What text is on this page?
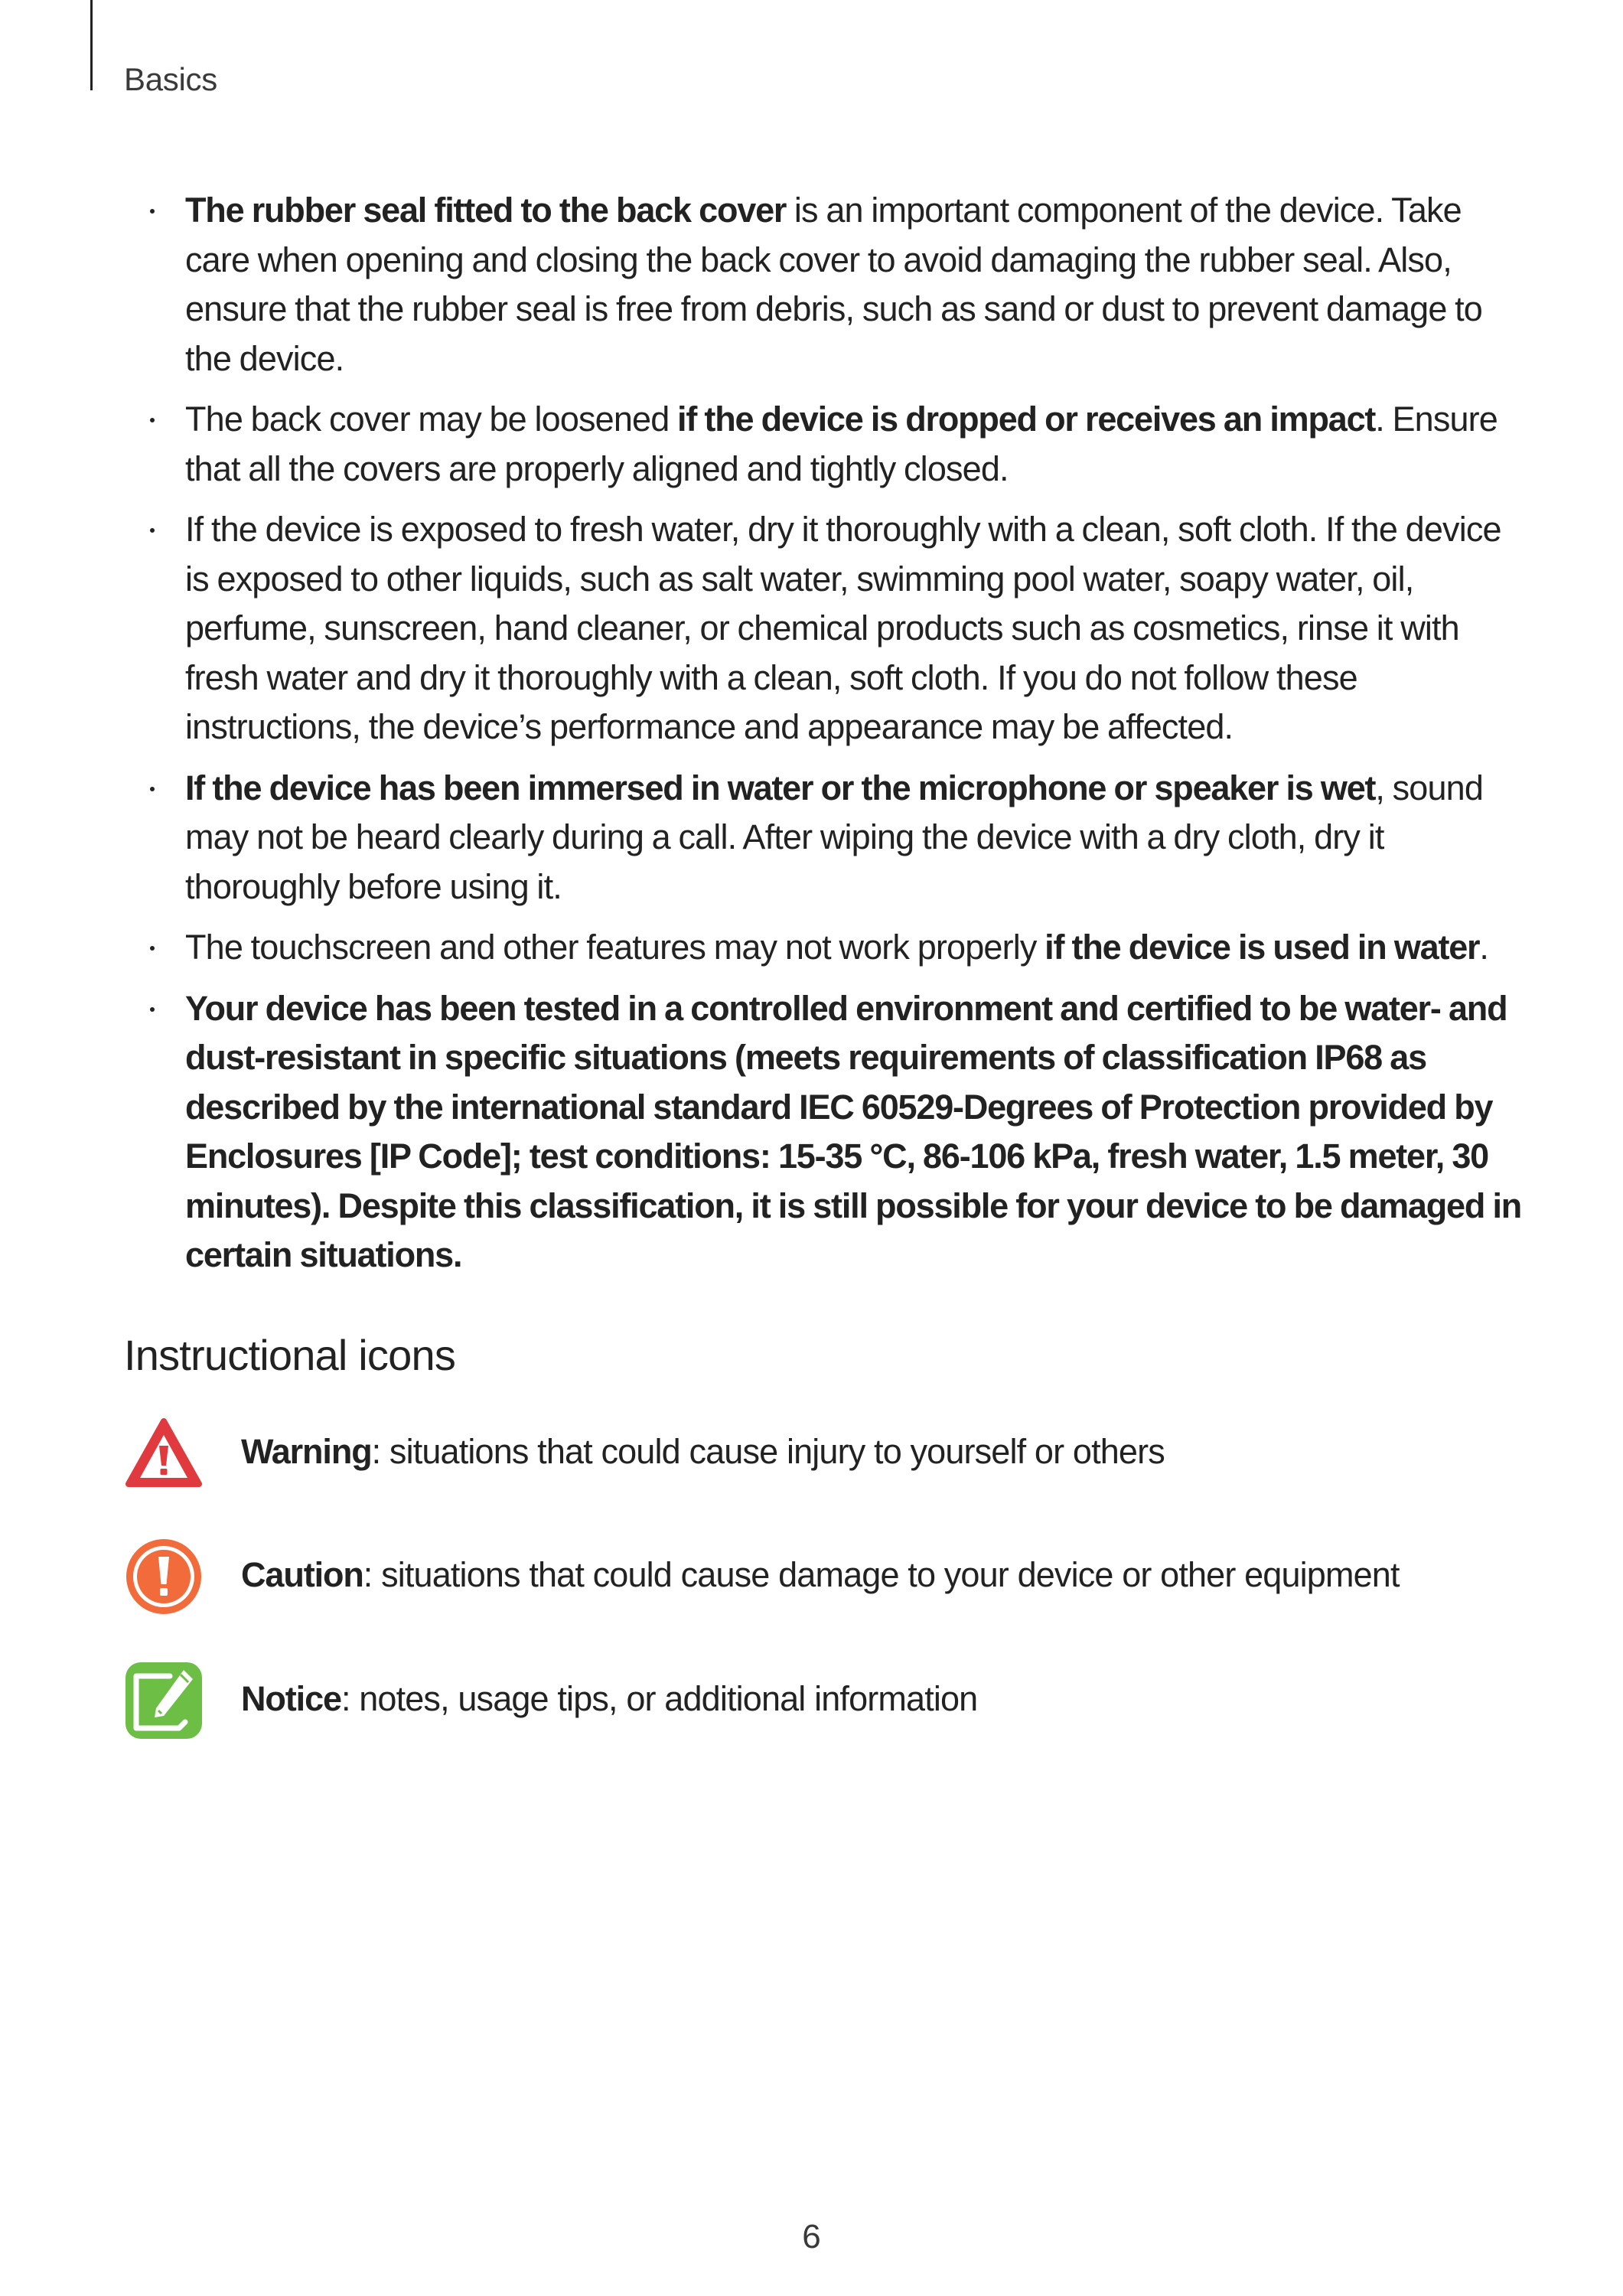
Basics
The rubber seal fitted to the back cover is an important component of the device. Take care when opening and closing the back cover to avoid damaging the rubber seal. Also, ensure that the rubber seal is free from debris, such as sand or dust to prevent damage to the device.
The back cover may be loosened if the device is dropped or receives an impact. Ensure that all the covers are properly aligned and tightly closed.
If the device is exposed to fresh water, dry it thoroughly with a clean, soft cloth. If the device is exposed to other liquids, such as salt water, swimming pool water, soapy water, oil, perfume, sunscreen, hand cleaner, or chemical products such as cosmetics, rinse it with fresh water and dry it thoroughly with a clean, soft cloth. If you do not follow these instructions, the device’s performance and appearance may be affected.
If the device has been immersed in water or the microphone or speaker is wet, sound may not be heard clearly during a call. After wiping the device with a dry cloth, dry it thoroughly before using it.
The touchscreen and other features may not work properly if the device is used in water.
Your device has been tested in a controlled environment and certified to be water- and dust-resistant in specific situations (meets requirements of classification IP68 as described by the international standard IEC 60529-Degrees of Protection provided by Enclosures [IP Code]; test conditions: 15-35 °C, 86-106 kPa, fresh water, 1.5 meter, 30 minutes). Despite this classification, it is still possible for your device to be damaged in certain situations.
Instructional icons
Warning: situations that could cause injury to yourself or others
Caution: situations that could cause damage to your device or other equipment
Notice: notes, usage tips, or additional information
6
